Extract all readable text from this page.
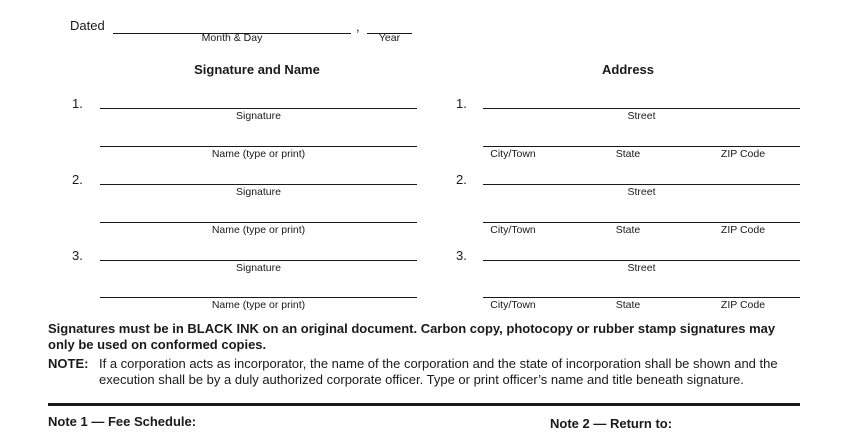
Dated	,
Month & Day	Year
Signature and Name	Address
1.
Signature
Name (type or print)
1.
Street
City/Town	State	ZIP Code
2.
Signature
Name (type or print)
2.
Street
City/Town	State	ZIP Code
3.
Signature
Name (type or print)
3.
Street
City/Town	State	ZIP Code
Signatures must be in BLACK INK on an original document. Carbon copy, photocopy or rubber stamp signatures may only be used on conformed copies.
NOTE: If a corporation acts as incorporator, the name of the corporation and the state of incorporation shall be shown and the execution shall be by a duly authorized corporate officer. Type or print officer’s name and title beneath signature.
Note 1 — Fee Schedule:	Note 2 — Return to:
